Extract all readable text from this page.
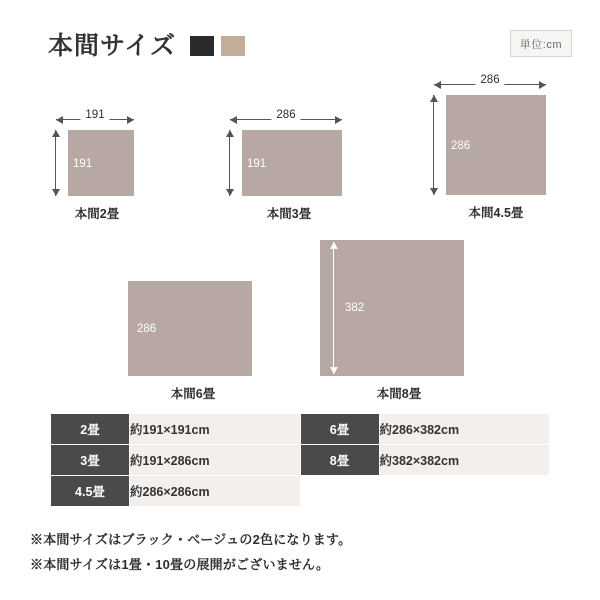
本間サイズ	単位:cm
191
191
本間2畳
286
191
本間3畳
286
286
本間4.5畳
286
本間6畳
382
本間8畳
2畳	約191×191cm	6畳	約286×382cm
3畳	約191×286cm	8畳	約382×382cm
4.5畳	約286×286cm		
※本間サイズはブラック・ベージュの2色になります。
※本間サイズは1畳・10畳の展開がございません。
